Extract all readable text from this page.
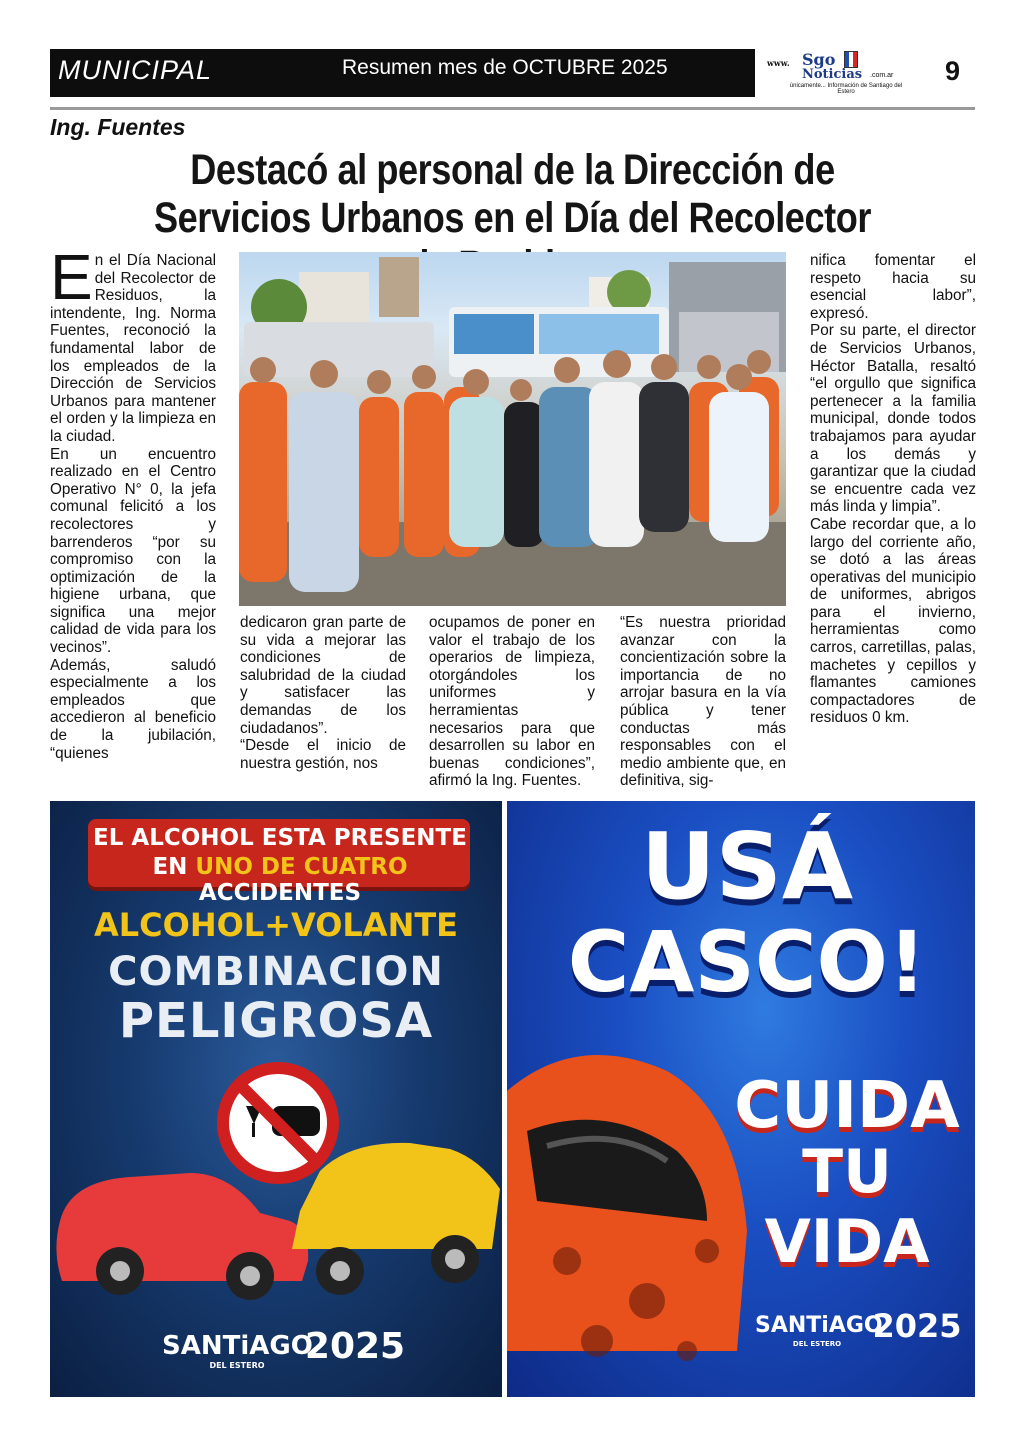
MUNICIPAL	Resumen mes de OCTUBRE 2025	www. Sgo
Noticias .com.ar
únicamente... Información de Santiago del Estero
9
Ing. Fuentes
Destacó al personal de la Dirección de Servicios Urbanos en el Día del Recolector
E n el Día Nacional del Recolector de Residuos, la intendente, Ing. Norma Fuentes, reconoció la fundamental labor de los empleados de la Dirección de Servicios Urbanos para mantener el orden y la limpieza en la ciudad.

En un encuentro realizado en el Centro Operativo N° 0, la jefa comunal felicitó a los recolectores y barrenderos “por su compromiso con la optimización de la higiene urbana, que significa una mejor calidad de vida para los vecinos”.

Además, saludó especialmente a los empleados que accedieron al beneficio de la jubilación, “quienes

dedicaron gran parte de su vida a mejorar las condiciones de salubridad de la ciudad y satisfacer las demandas de los ciudadanos”.

“Desde el inicio de nuestra gestión, nos

ocupamos de poner en valor el trabajo de los operarios de limpieza, otorgándoles los uniformes y herramientas necesarios para que desarrollen su labor en buenas condiciones”, afirmó la Ing. Fuentes.

“Es nuestra prioridad avanzar con la concientización sobre la importancia de no arrojar basura en la vía pública y tener conductas más responsables con el medio ambiente que, en definitiva, sig-

nifica fomentar el respeto hacia su esencial labor”, expresó.

Por su parte, el director de Servicios Urbanos, Héctor Batalla, resaltó “el orgullo que significa pertenecer a la familia municipal, donde todos trabajamos para ayudar a los demás y garantizar que la ciudad se encuentre cada vez más linda y limpia”.

Cabe recordar que, a lo largo del corriente año, se dotó a las áreas operativas del municipio de uniformes, abrigos para el invierno, herramientas como carros, carretillas, palas, machetes y cepillos y flamantes camiones compactadores de residuos 0 km.

EL ALCOHOL ESTA PRESENTE
EN UNO DE CUATRO ACCIDENTES
ALCOHOL+VOLANTE
COMBINACION
PELIGROSA
SANTiAGO
2025
DEL ESTERO
USÁ
CASCO!
CUIDA
TU VIDA
SANTiAGO
2025
DEL ESTERO
